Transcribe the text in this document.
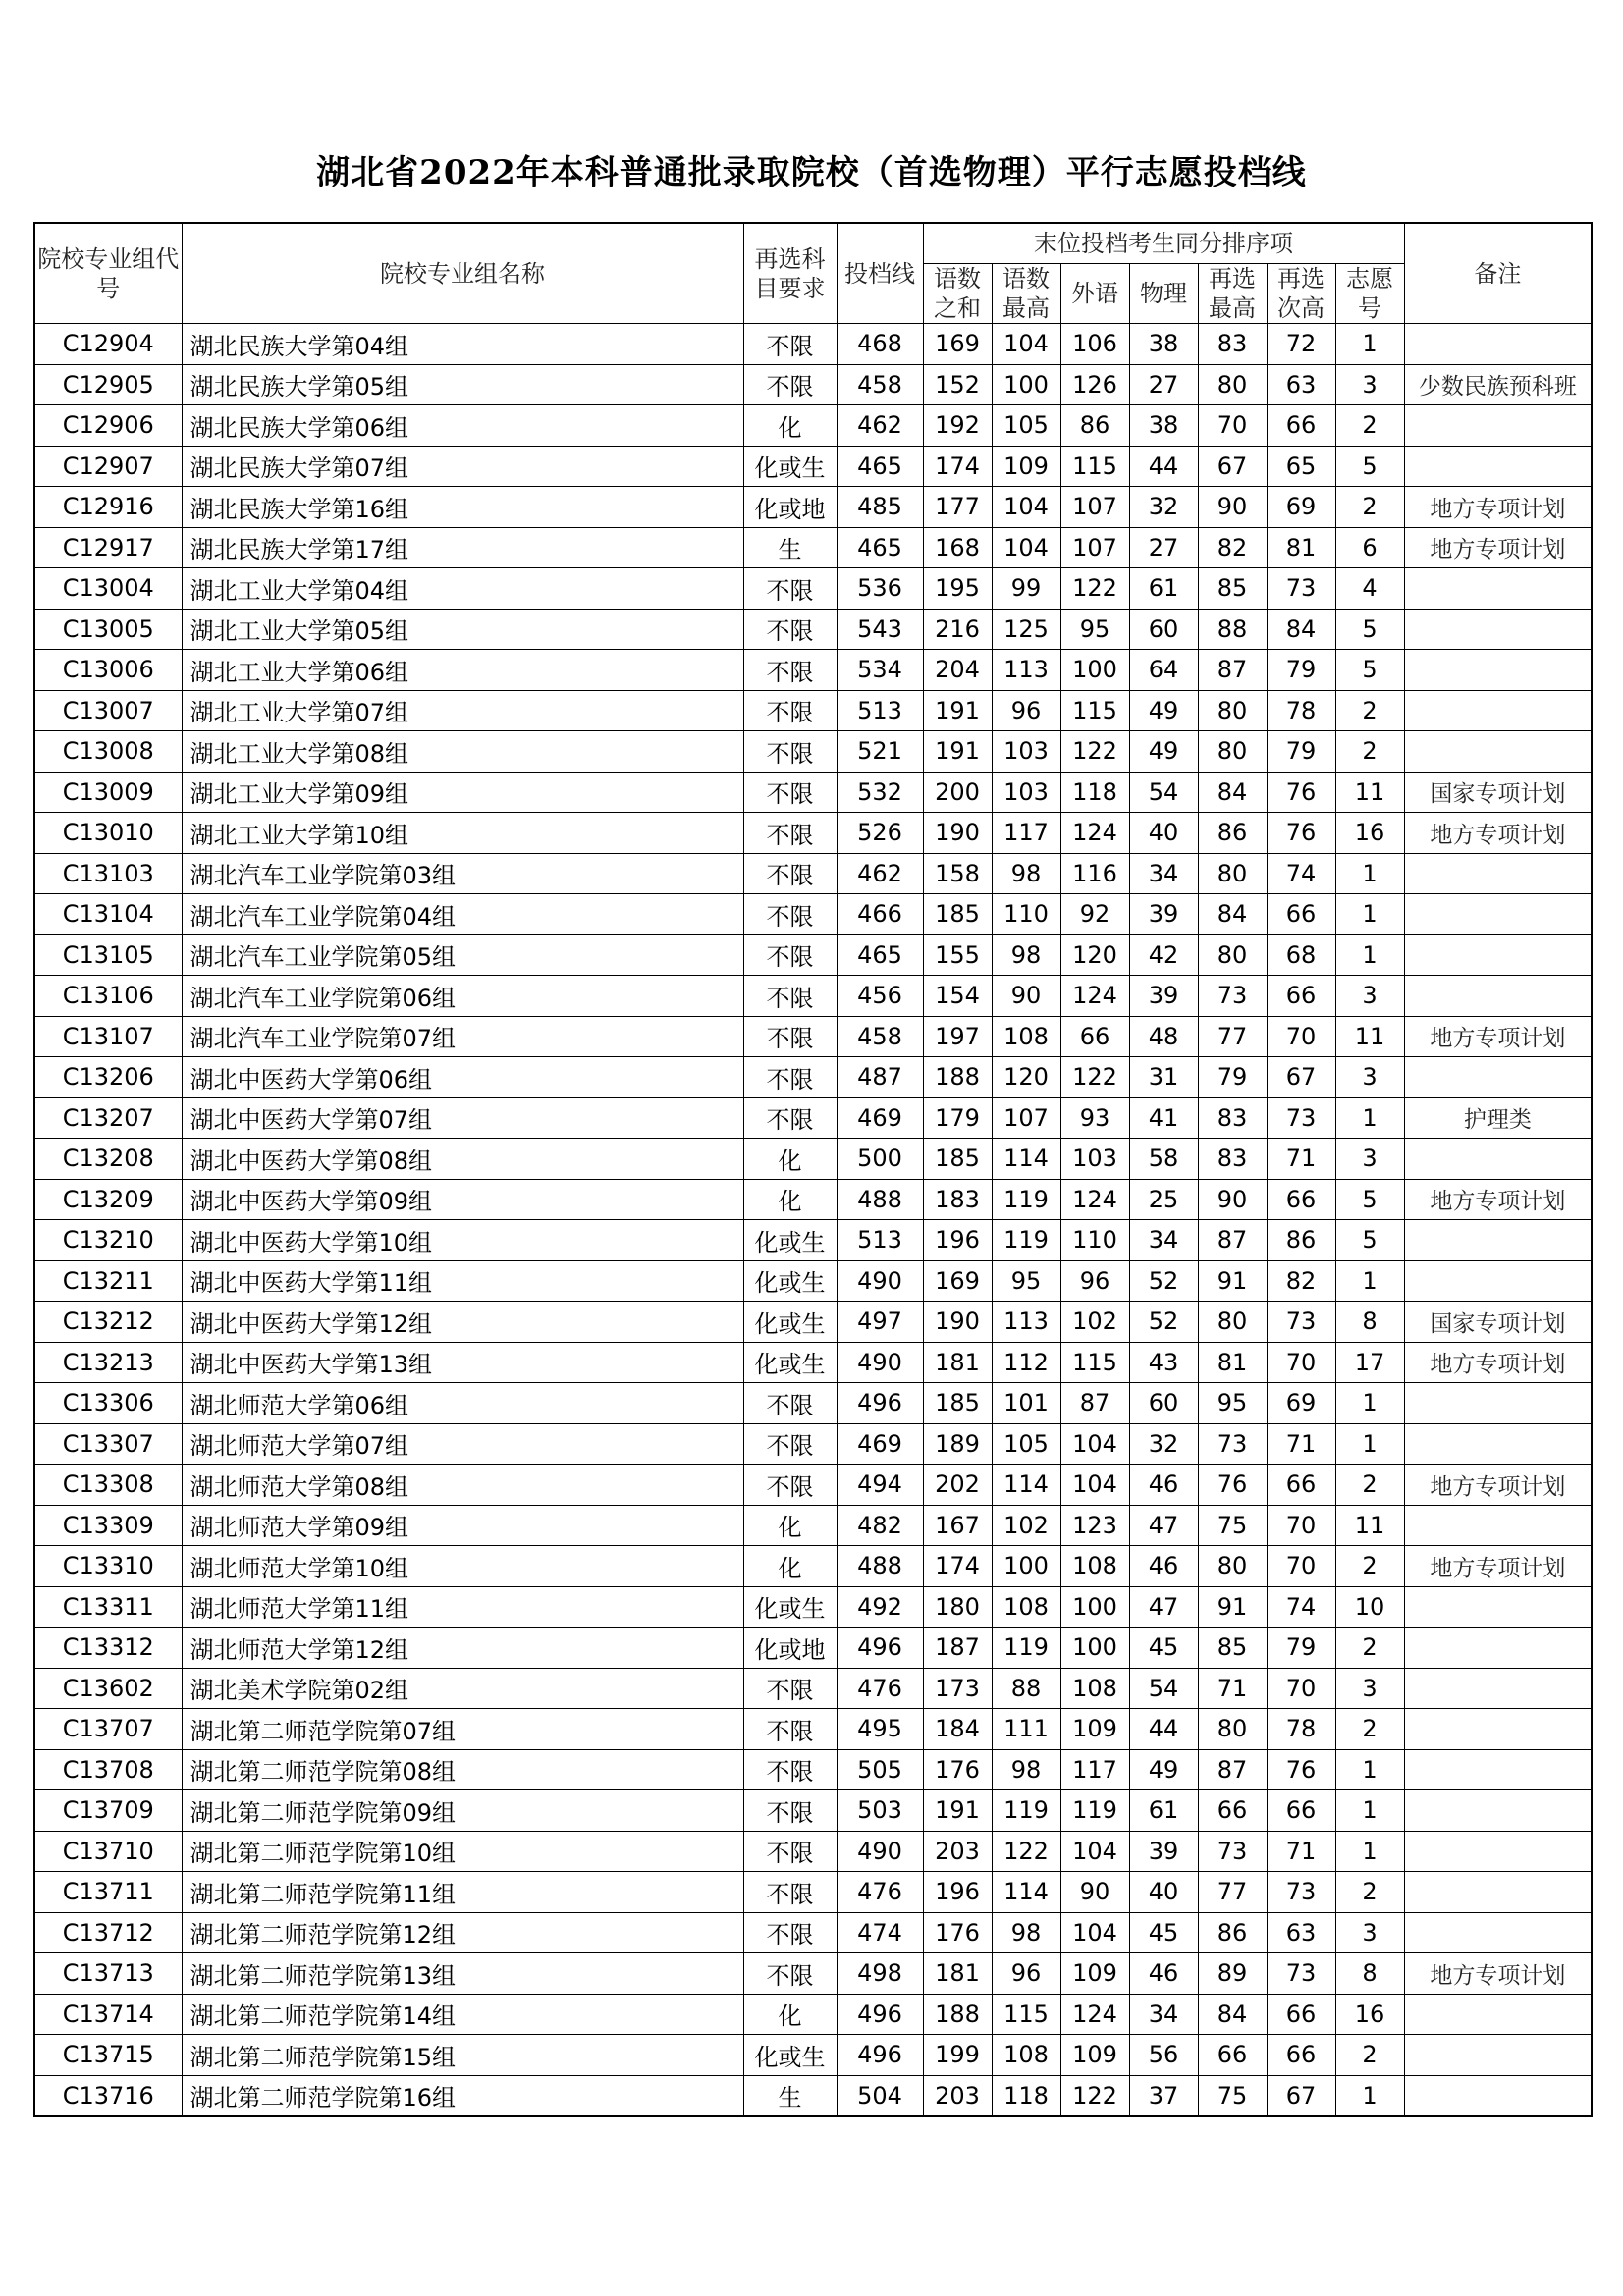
湖北省2022年本科普通批录取院校（首选物理）平行志愿投档线
院校专业组代号	院校专业组名称	再选科目要求	投档线	末位投档考生同分排序项							备注
				语数之和	语数最高	外语	物理	再选最高	再选次高	志愿号	
C12904	湖北民族大学第04组	不限	468	169	104	106	38	83	72	1	
C12905	湖北民族大学第05组	不限	458	152	100	126	27	80	63	3	少数民族预科班
C12906	湖北民族大学第06组	化	462	192	105	86	38	70	66	2	
C12907	湖北民族大学第07组	化或生	465	174	109	115	44	67	65	5	
C12916	湖北民族大学第16组	化或地	485	177	104	107	32	90	69	2	地方专项计划
C12917	湖北民族大学第17组	生	465	168	104	107	27	82	81	6	地方专项计划
C13004	湖北工业大学第04组	不限	536	195	99	122	61	85	73	4	
C13005	湖北工业大学第05组	不限	543	216	125	95	60	88	84	5	
C13006	湖北工业大学第06组	不限	534	204	113	100	64	87	79	5	
C13007	湖北工业大学第07组	不限	513	191	96	115	49	80	78	2	
C13008	湖北工业大学第08组	不限	521	191	103	122	49	80	79	2	
C13009	湖北工业大学第09组	不限	532	200	103	118	54	84	76	11	国家专项计划
C13010	湖北工业大学第10组	不限	526	190	117	124	40	86	76	16	地方专项计划
C13103	湖北汽车工业学院第03组	不限	462	158	98	116	34	80	74	1	
C13104	湖北汽车工业学院第04组	不限	466	185	110	92	39	84	66	1	
C13105	湖北汽车工业学院第05组	不限	465	155	98	120	42	80	68	1	
C13106	湖北汽车工业学院第06组	不限	456	154	90	124	39	73	66	3	
C13107	湖北汽车工业学院第07组	不限	458	197	108	66	48	77	70	11	地方专项计划
C13206	湖北中医药大学第06组	不限	487	188	120	122	31	79	67	3	
C13207	湖北中医药大学第07组	不限	469	179	107	93	41	83	73	1	护理类
C13208	湖北中医药大学第08组	化	500	185	114	103	58	83	71	3	
C13209	湖北中医药大学第09组	化	488	183	119	124	25	90	66	5	地方专项计划
C13210	湖北中医药大学第10组	化或生	513	196	119	110	34	87	86	5	
C13211	湖北中医药大学第11组	化或生	490	169	95	96	52	91	82	1	
C13212	湖北中医药大学第12组	化或生	497	190	113	102	52	80	73	8	国家专项计划
C13213	湖北中医药大学第13组	化或生	490	181	112	115	43	81	70	17	地方专项计划
C13306	湖北师范大学第06组	不限	496	185	101	87	60	95	69	1	
C13307	湖北师范大学第07组	不限	469	189	105	104	32	73	71	1	
C13308	湖北师范大学第08组	不限	494	202	114	104	46	76	66	2	地方专项计划
C13309	湖北师范大学第09组	化	482	167	102	123	47	75	70	11	
C13310	湖北师范大学第10组	化	488	174	100	108	46	80	70	2	地方专项计划
C13311	湖北师范大学第11组	化或生	492	180	108	100	47	91	74	10	
C13312	湖北师范大学第12组	化或地	496	187	119	100	45	85	79	2	
C13602	湖北美术学院第02组	不限	476	173	88	108	54	71	70	3	
C13707	湖北第二师范学院第07组	不限	495	184	111	109	44	80	78	2	
C13708	湖北第二师范学院第08组	不限	505	176	98	117	49	87	76	1	
C13709	湖北第二师范学院第09组	不限	503	191	119	119	61	66	66	1	
C13710	湖北第二师范学院第10组	不限	490	203	122	104	39	73	71	1	
C13711	湖北第二师范学院第11组	不限	476	196	114	90	40	77	73	2	
C13712	湖北第二师范学院第12组	不限	474	176	98	104	45	86	63	3	
C13713	湖北第二师范学院第13组	不限	498	181	96	109	46	89	73	8	地方专项计划
C13714	湖北第二师范学院第14组	化	496	188	115	124	34	84	66	16	
C13715	湖北第二师范学院第15组	化或生	496	199	108	109	56	66	66	2	
C13716	湖北第二师范学院第16组	生	504	203	118	122	37	75	67	1	
